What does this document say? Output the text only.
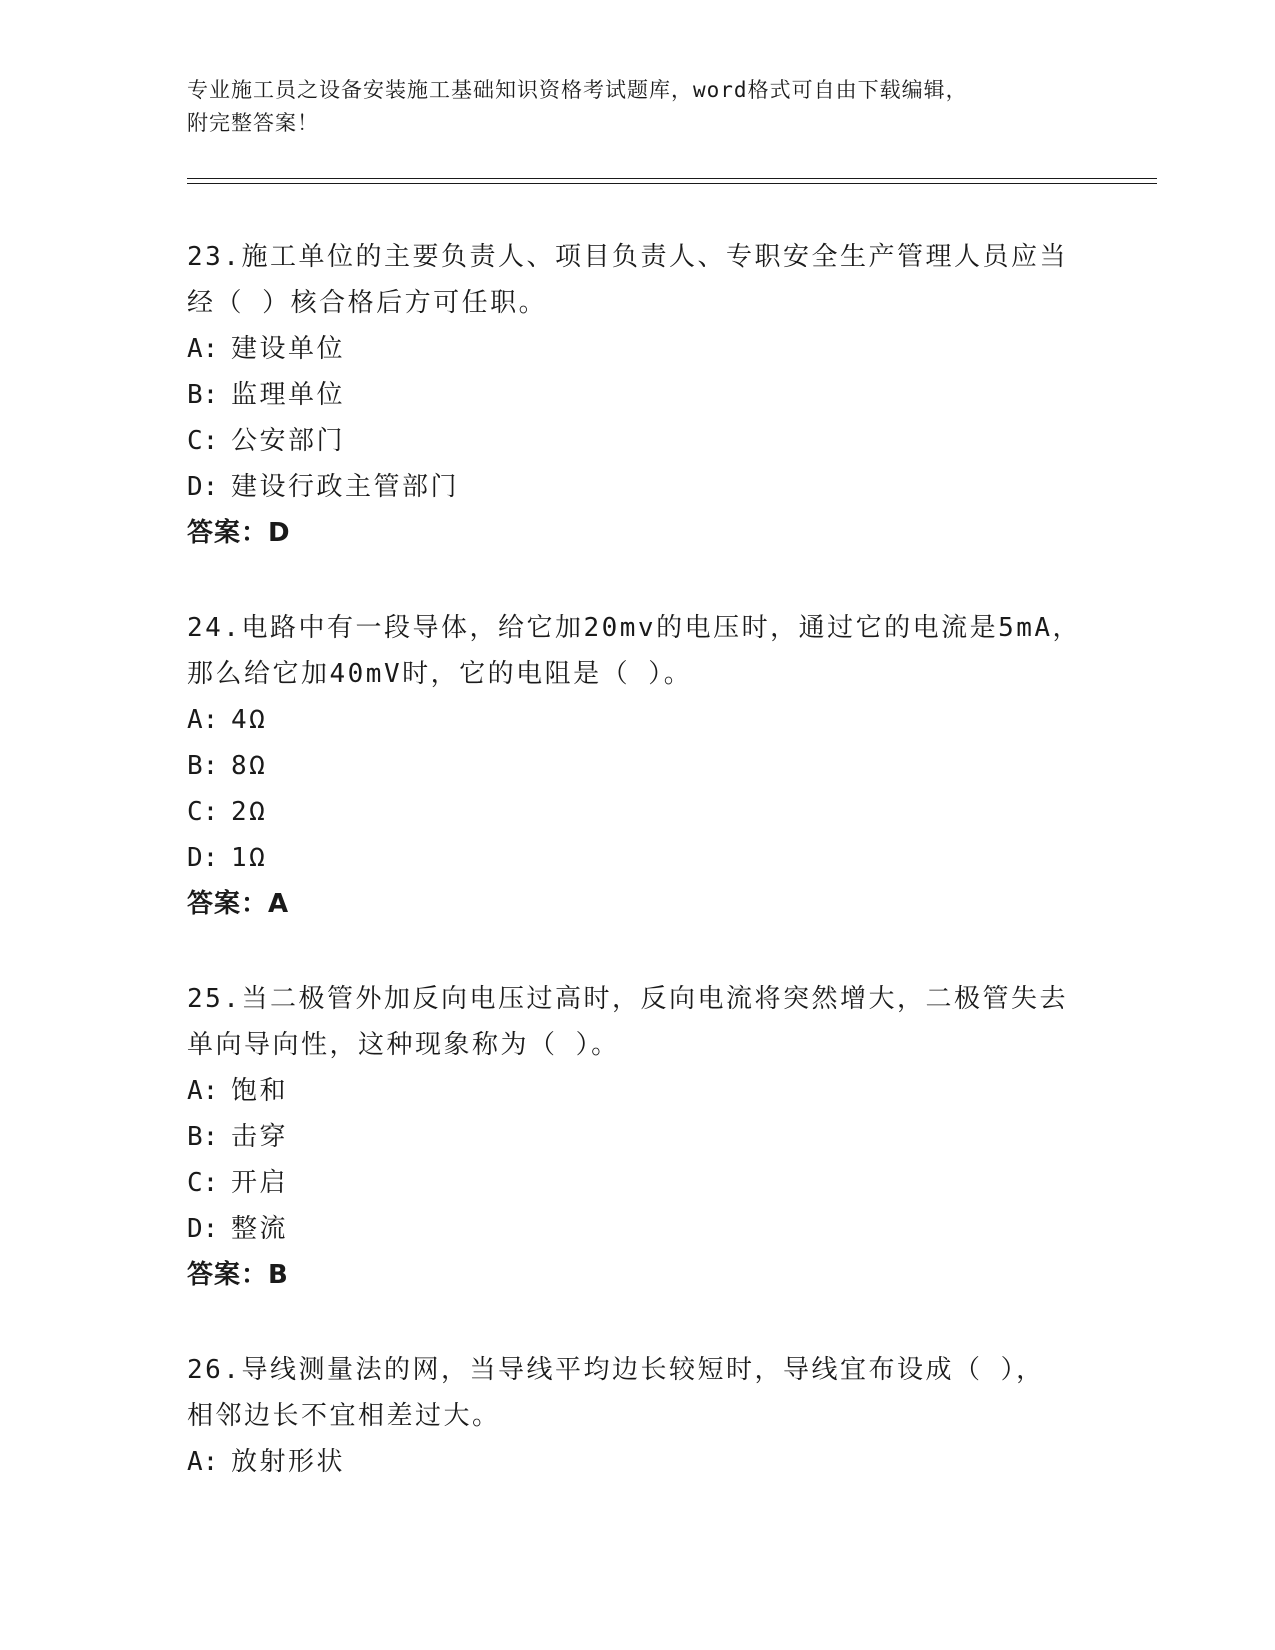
专业施工员之设备安装施工基础知识资格考试题库，word格式可自由下载编辑，
附完整答案！
23.施工单位的主要负责人、项目负责人、专职安全生产管理人员应当
经（ ）核合格后方可任职。
A: 建设单位
B: 监理单位
C: 公安部门
D: 建设行政主管部门
答案：D
24.电路中有一段导体，给它加20mv的电压时，通过它的电流是5mA，
那么给它加40mV时，它的电阻是（ ）。
A: 4Ω
B: 8Ω
C: 2Ω
D: 1Ω
答案：A
25.当二极管外加反向电压过高时，反向电流将突然增大，二极管失去
单向导向性，这种现象称为（ ）。
A: 饱和
B: 击穿
C: 开启
D: 整流
答案：B
26.导线测量法的网，当导线平均边长较短时，导线宜布设成（ ），
相邻边长不宜相差过大。
A: 放射形状
